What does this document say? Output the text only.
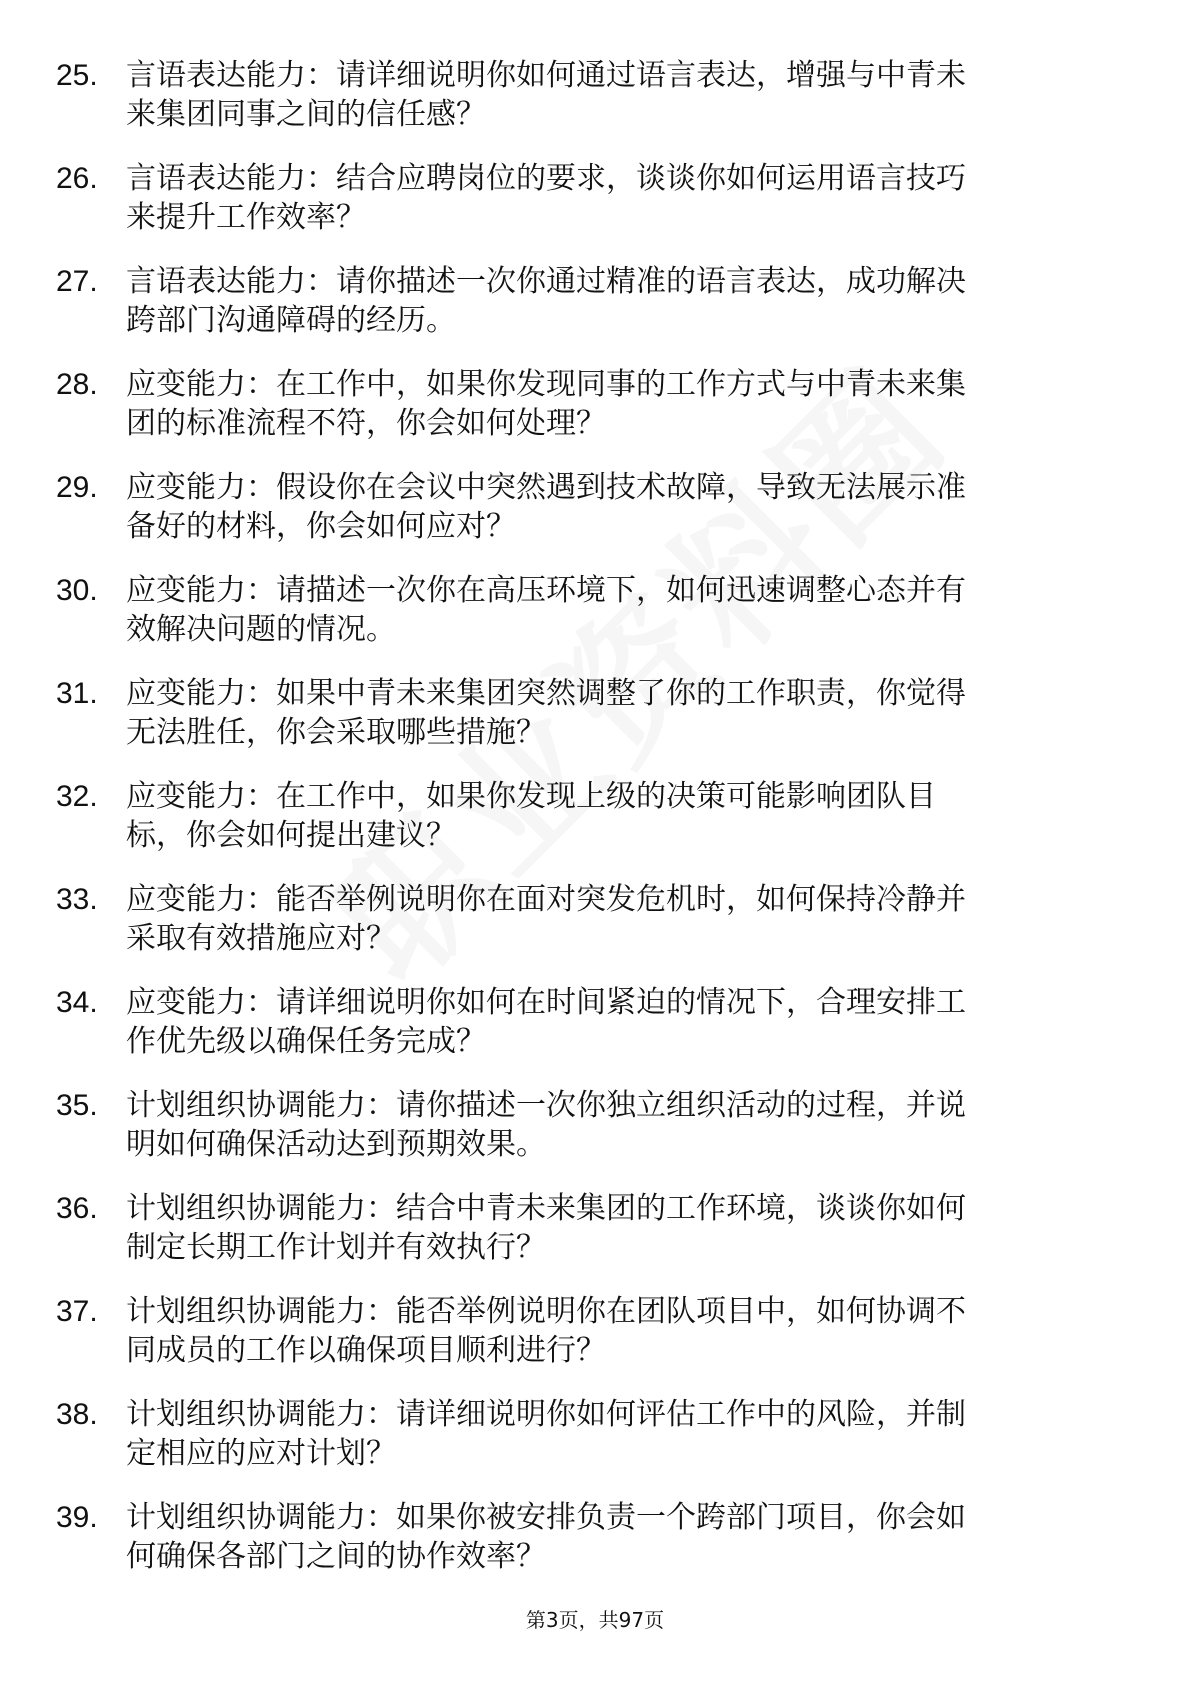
25. 言语表达能力：请详细说明你如何通过语言表达，增强与中青未
来集团同事之间的信任感？
26. 言语表达能力：结合应聘岗位的要求，谈谈你如何运用语言技巧
来提升工作效率？
27. 言语表达能力：请你描述一次你通过精准的语言表达，成功解决
跨部门沟通障碍的经历。
28. 应变能力：在工作中，如果你发现同事的工作方式与中青未来集
团的标准流程不符，你会如何处理？
29. 应变能力：假设你在会议中突然遇到技术故障，导致无法展示准
备好的材料，你会如何应对？
30. 应变能力：请描述一次你在高压环境下，如何迅速调整心态并有
效解决问题的情况。
31. 应变能力：如果中青未来集团突然调整了你的工作职责，你觉得
无法胜任，你会采取哪些措施？
32. 应变能力：在工作中，如果你发现上级的决策可能影响团队目
标，你会如何提出建议？
33. 应变能力：能否举例说明你在面对突发危机时，如何保持冷静并
采取有效措施应对？
34. 应变能力：请详细说明你如何在时间紧迫的情况下，合理安排工
作优先级以确保任务完成？
35. 计划组织协调能力：请你描述一次你独立组织活动的过程，并说
明如何确保活动达到预期效果。
36. 计划组织协调能力：结合中青未来集团的工作环境，谈谈你如何
制定长期工作计划并有效执行？
37. 计划组织协调能力：能否举例说明你在团队项目中，如何协调不
同成员的工作以确保项目顺利进行？
38. 计划组织协调能力：请详细说明你如何评估工作中的风险，并制
定相应的应对计划？
39. 计划组织协调能力：如果你被安排负责一个跨部门项目，你会如
何确保各部门之间的协作效率？
第3页，共97页
